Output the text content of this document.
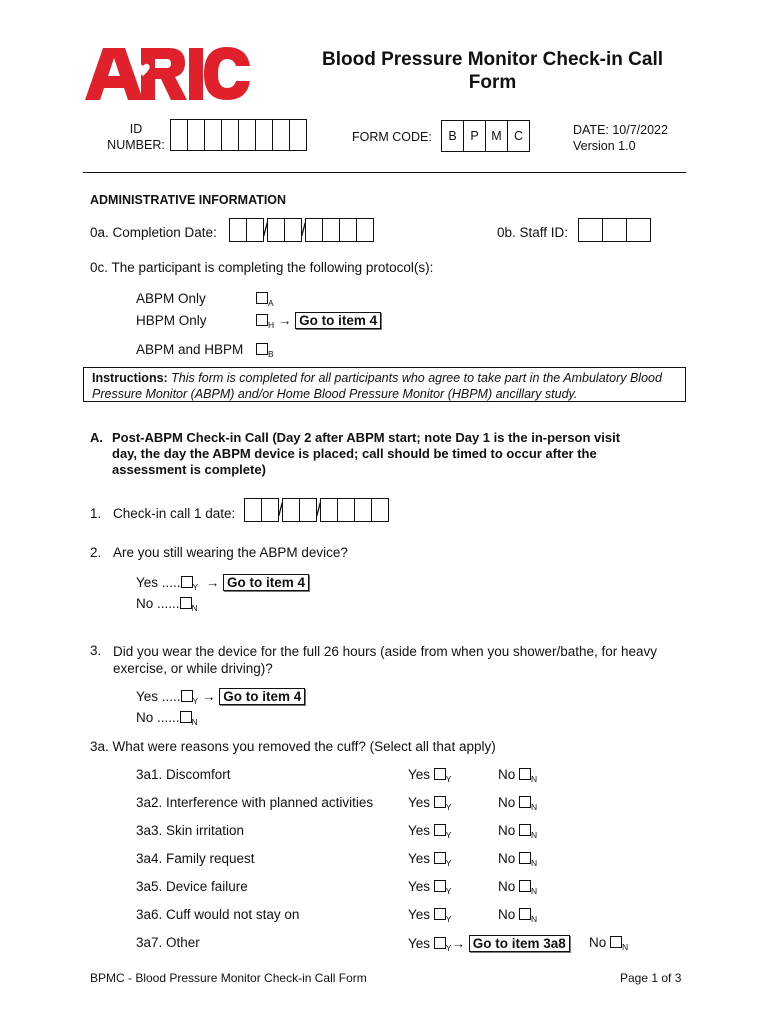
Blood Pressure Monitor Check-in Call Form
ID
NUMBER:
FORM CODE:	B	P	M C	DATE: 10/7/2022
Version 1.0
ADMINISTRATIVE INFORMATION
0a. Completion Date:	/ /	0b. Staff ID:
0c. The participant is completing the following protocol(s):
ABPM Only	$_A$
HBPM Only	$_H$ → Go to item 4
ABPM and HBPM	$_B$
Instructions: This form is completed for all participants who agree to take part in the Ambulatory Blood Pressure Monitor (ABPM) and/or Home Blood Pressure Monitor (HBPM) ancillary study.
A. Post-ABPM Check-in Call (Day 2 after ABPM start; note Day 1 is the in-person visit
day, the day the ABPM device is placed; call should be timed to occur after the
assessment is complete)
1. Check-in call 1 date: / /
2. Are you still wearing the ABPM device?
Yes ..... $_Y$ → Go to item 4
No ...... $_N$
3. Did you wear the device for the full 26 hours (aside from when you shower/bathe, for heavy
exercise, or while driving)?
Yes ..... $_Y$ → Go to item 4
No ...... $_N$
3a. What were reasons you removed the cuff? (Select all that apply)
3a1. Discomfort	Yes $_Y$	No $_N$
3a2. Interference with planned activities	Yes $_Y$	No $_N$
3a3. Skin irritation	Yes $_Y$	No $_N$
3a4. Family request	Yes $_Y$	No $_N$
3a5. Device failure	Yes $_Y$	No $_N$
3a6. Cuff would not stay on	Yes $_Y$	No $_N$
3a7. Other	Yes $_Y$→ Go to item 3a8 No $_N$
BPMC - Blood Pressure Monitor Check-in Call Form	Page 1 of 3
